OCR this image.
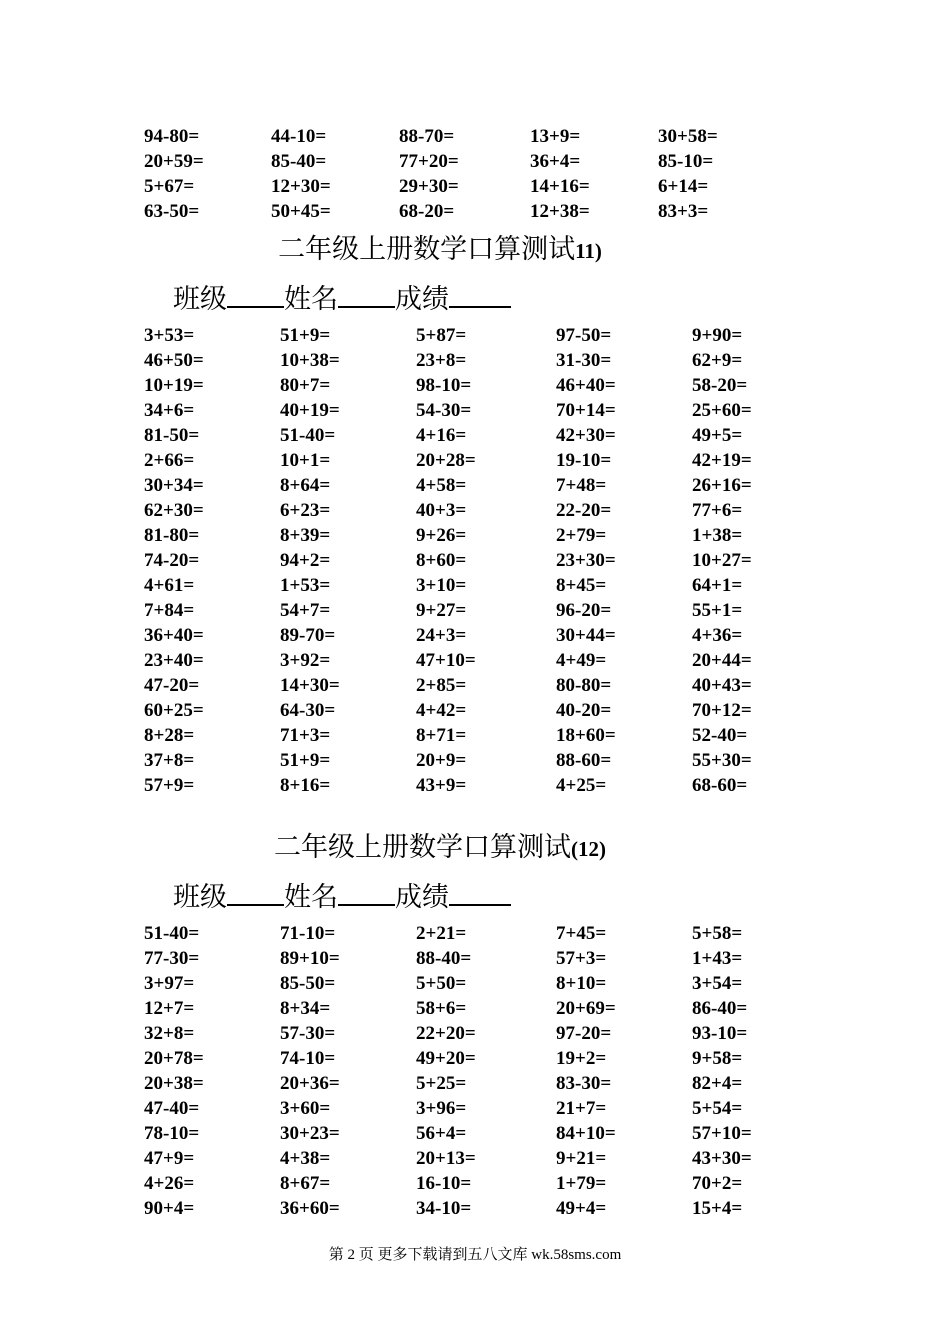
94-80=	44-10=	88-70=	13+9=	30+58=
20+59=	85-40=	77+20=	36+4=	85-10=
5+67=	12+30=	29+30=	14+16=	6+14=
63-50=	50+45=	68-20=	12+38=	83+3=
二年级上册数学口算测试11)
班级 姓名 成绩
3+53=	51+9=	5+87=	97-50=	9+90=
46+50=	10+38=	23+8=	31-30=	62+9=
10+19=	80+7=	98-10=	46+40=	58-20=
34+6=	40+19=	54-30=	70+14=	25+60=
81-50=	51-40=	4+16=	42+30=	49+5=
2+66=	10+1=	20+28=	19-10=	42+19=
30+34=	8+64=	4+58=	7+48=	26+16=
62+30=	6+23=	40+3=	22-20=	77+6=
81-80=	8+39=	9+26=	2+79=	1+38=
74-20=	94+2=	8+60=	23+30=	10+27=
4+61=	1+53=	3+10=	8+45=	64+1=
7+84=	54+7=	9+27=	96-20=	55+1=
36+40=	89-70=	24+3=	30+44=	4+36=
23+40=	3+92=	47+10=	4+49=	20+44=
47-20=	14+30=	2+85=	80-80=	40+43=
60+25=	64-30=	4+42=	40-20=	70+12=
8+28=	71+3=	8+71=	18+60=	52-40=
37+8=	51+9=	20+9=	88-60=	55+30=
57+9=	8+16=	43+9=	4+25=	68-60=
二年级上册数学口算测试(12)
班级 姓名 成绩
51-40=	71-10=	2+21=	7+45=	5+58=
77-30=	89+10=	88-40=	57+3=	1+43=
3+97=	85-50=	5+50=	8+10=	3+54=
12+7=	8+34=	58+6=	20+69=	86-40=
32+8=	57-30=	22+20=	97-20=	93-10=
20+78=	74-10=	49+20=	19+2=	9+58=
20+38=	20+36=	5+25=	83-30=	82+4=
47-40=	3+60=	3+96=	21+7=	5+54=
78-10=	30+23=	56+4=	84+10=	57+10=
47+9=	4+38=	20+13=	9+21=	43+30=
4+26=	8+67=	16-10=	1+79=	70+2=
90+4=	36+60=	34-10=	49+4=	15+4=
第 2 页 更多下载请到五八文库 wk.58sms.com
